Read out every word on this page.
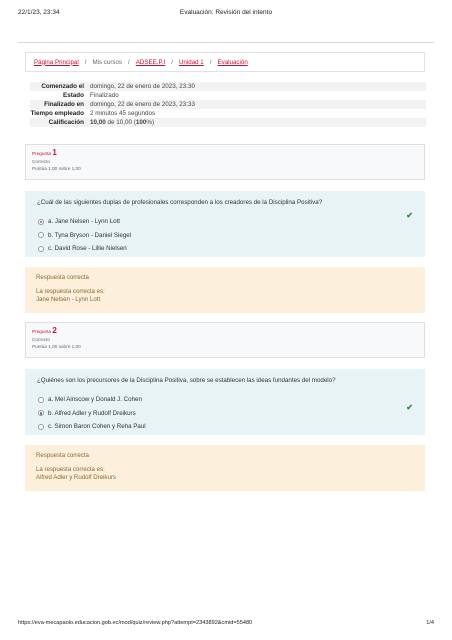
22/1/23, 23:34	Evaluación: Revisión del intento
Página Principal / Mis cursos / ADSEE.P.I / Unidad 1 / Evaluación
Comenzado el domingo, 22 de enero de 2023, 23:30
Estado Finalizado
Finalizado en domingo, 22 de enero de 2023, 23:33
Tiempo empleado 2 minutos 45 segundos
Calificación 10,00 de 10,00 (100%)
Pregunta 1
Correcto
Puntúa 1,00 sobre 1,00
¿Cuál de las siguientes duplas de profesionales corresponden a los creadores de la Disciplina Positiva?
a. Jane Nelsen - Lynn Lott
b. Tyna Bryson - Daniel Siegel
c. David Rose - Lillie Nielsen
✔
Respuesta correcta
La respuesta correcta es:
Jane Nelsen - Lynn Lott
Pregunta 2
Correcto
Puntúa 1,00 sobre 1,00
¿Quiénes son los precursores de la Disciplina Positiva, sobre se establecen las ideas fundantes del modelo?
a. Mel Ainscow y Donald J. Cohen
b. Alfred Adler y Rudolf Dreikurs
c. Simon Baron Cohen y Reha Paul
✔
Respuesta correcta
La respuesta correcta es:
Alfred Adler y Rudolf Dreikurs
https://eva-mecapaolo.educacion.gob.ec/mod/quiz/review.php?attempt=2343892&cmid=55480	1/4
